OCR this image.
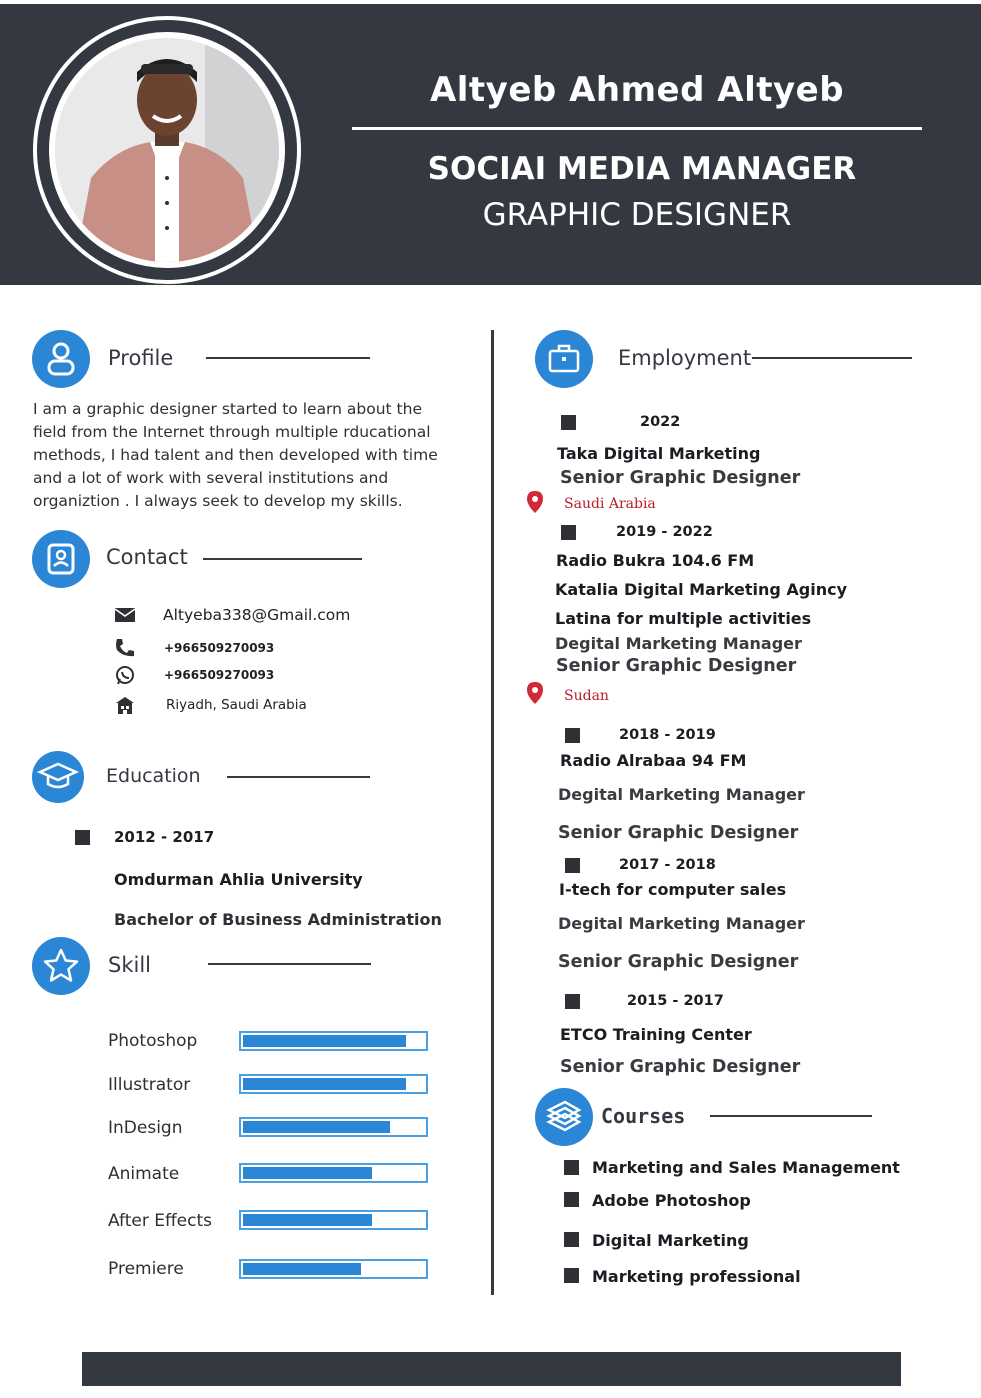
Altyeb Ahmed Altyeb
SOCIAI MEDIA MANAGER
GRAPHIC DESIGNER
Profile
I am a graphic designer started to learn about the
field from the Internet through multiple rducational
methods, I had talent and then developed with time
and a lot of work with several institutions and
organiztion . I always seek to develop my skills.
Contact
Altyeba338@Gmail.com
+966509270093
+966509270093
Riyadh, Saudi Arabia
Education
2012 - 2017
Omdurman Ahlia University
Bachelor of Business Administration
Skill
Photoshop
Illustrator
InDesign
Animate
After Effects
Premiere
Employment
2022
Taka Digital Marketing
Senior Graphic Designer
Saudi Arabia
2019 - 2022
Radio Bukra 104.6 FM
Katalia Digital Marketing Agincy
Latina for multiple activities
Degital Marketing Manager
Senior Graphic Designer
Sudan
2018 - 2019
Radio Alrabaa 94 FM
Degital Marketing Manager
Senior Graphic Designer
2017 - 2018
I-tech for computer sales
Degital Marketing Manager
Senior Graphic Designer
2015 - 2017
ETCO Training Center
Senior Graphic Designer
Courses
Marketing and Sales Management
Adobe Photoshop
Digital Marketing
Marketing professional
